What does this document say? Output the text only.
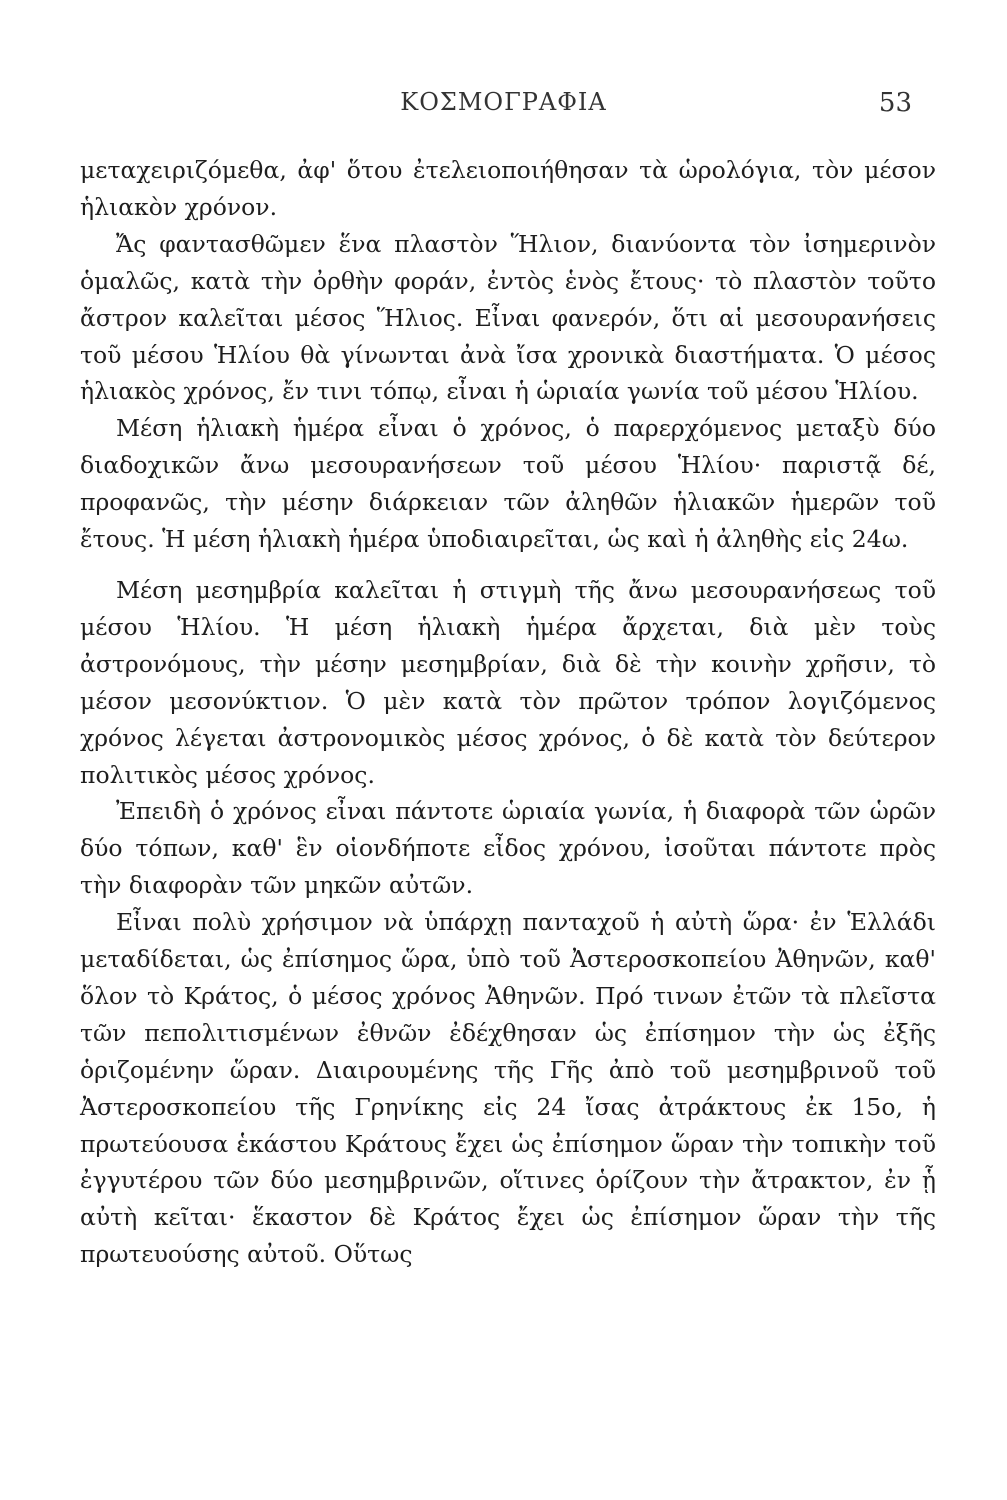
ΚΟΣΜΟΓΡΑΦΙΑ	53

μεταχειριζόμεθα, ἀφ' ὅτου ἐτελειοποιήθησαν τὰ ὡρολόγια, τὸν μέσον ἡλιακὸν χρόνον.

Ἄς φαντασθῶμεν ἕνα πλαστὸν Ἥλιον, διανύοντα τὸν ἰσημερινὸν ὁμαλῶς, κατὰ τὴν ὀρθὴν φοράν, ἐντὸς ἑνὸς ἔτους· τὸ πλαστὸν τοῦτο ἄστρον καλεῖται μέσος Ἥλιος. Εἶναι φανερόν, ὅτι αἱ μεσουρανήσεις τοῦ μέσου Ἡλίου θὰ γίνωνται ἀνὰ ἴσα χρονικὰ διαστήματα. Ὁ μέσος ἡλιακὸς χρόνος, ἔν τινι τόπῳ, εἶναι ἡ ὡριαία γωνία τοῦ μέσου Ἡλίου.

Μέση ἡλιακὴ ἡμέρα εἶναι ὁ χρόνος, ὁ παρερχόμενος μεταξὺ δύο διαδοχικῶν ἄνω μεσουρανήσεων τοῦ μέσου Ἡλίου· παριστᾷ δέ, προφανῶς, τὴν μέσην διάρκειαν τῶν ἀληθῶν ἡλιακῶν ἡμερῶν τοῦ ἔτους. Ἡ μέση ἡλιακὴ ἡμέρα ὑποδιαιρεῖται, ὡς καὶ ἡ ἀληθὴς εἰς 24ω.

Μέση μεσημβρία καλεῖται ἡ στιγμὴ τῆς ἄνω μεσουρανήσεως τοῦ μέσου Ἡλίου. Ἡ μέση ἡλιακὴ ἡμέρα ἄρχεται, διὰ μὲν τοὺς ἀστρονόμους, τὴν μέσην μεσημβρίαν, διὰ δὲ τὴν κοινὴν χρῆσιν, τὸ μέσον μεσονύκτιον. Ὁ μὲν κατὰ τὸν πρῶτον τρόπον λογιζόμενος χρόνος λέγεται ἀστρονομικὸς μέσος χρόνος, ὁ δὲ κατὰ τὸν δεύτερον πολιτικὸς μέσος χρόνος.

Ἐπειδὴ ὁ χρόνος εἶναι πάντοτε ὡριαία γωνία, ἡ διαφορὰ τῶν ὡρῶν δύο τόπων, καθ' ἓν οἱονδήποτε εἶδος χρόνου, ἰσοῦται πάντοτε πρὸς τὴν διαφορὰν τῶν μηκῶν αὐτῶν.

Εἶναι πολὺ χρήσιμον νὰ ὑπάρχῃ πανταχοῦ ἡ αὐτὴ ὥρα· ἐν Ἑλλάδι μεταδίδεται, ὡς ἐπίσημος ὥρα, ὑπὸ τοῦ Ἀστεροσκοπείου Ἀθηνῶν, καθ' ὅλον τὸ Κράτος, ὁ μέσος χρόνος Ἀθηνῶν. Πρό τινων ἐτῶν τὰ πλεῖστα τῶν πεπολιτισμένων ἐθνῶν ἐδέχθησαν ὡς ἐπίσημον τὴν ὡς ἐξῆς ὁριζομένην ὥραν. Διαιρουμένης τῆς Γῆς ἀπὸ τοῦ μεσημβρινοῦ τοῦ Ἀστεροσκοπείου τῆς Γρηνίκης εἰς 24 ἴσας ἀτράκτους ἐκ 15ο, ἡ πρωτεύουσα ἑκάστου Κράτους ἔχει ὡς ἐπίσημον ὥραν τὴν τοπικὴν τοῦ ἐγγυτέρου τῶν δύο μεσημβρινῶν, οἵτινες ὁρίζουν τὴν ἄτρακτον, ἐν ᾗ αὐτὴ κεῖται· ἕκαστον δὲ Κράτος ἔχει ὡς ἐπίσημον ὥραν τὴν τῆς πρωτευούσης αὐτοῦ. Οὕτως
